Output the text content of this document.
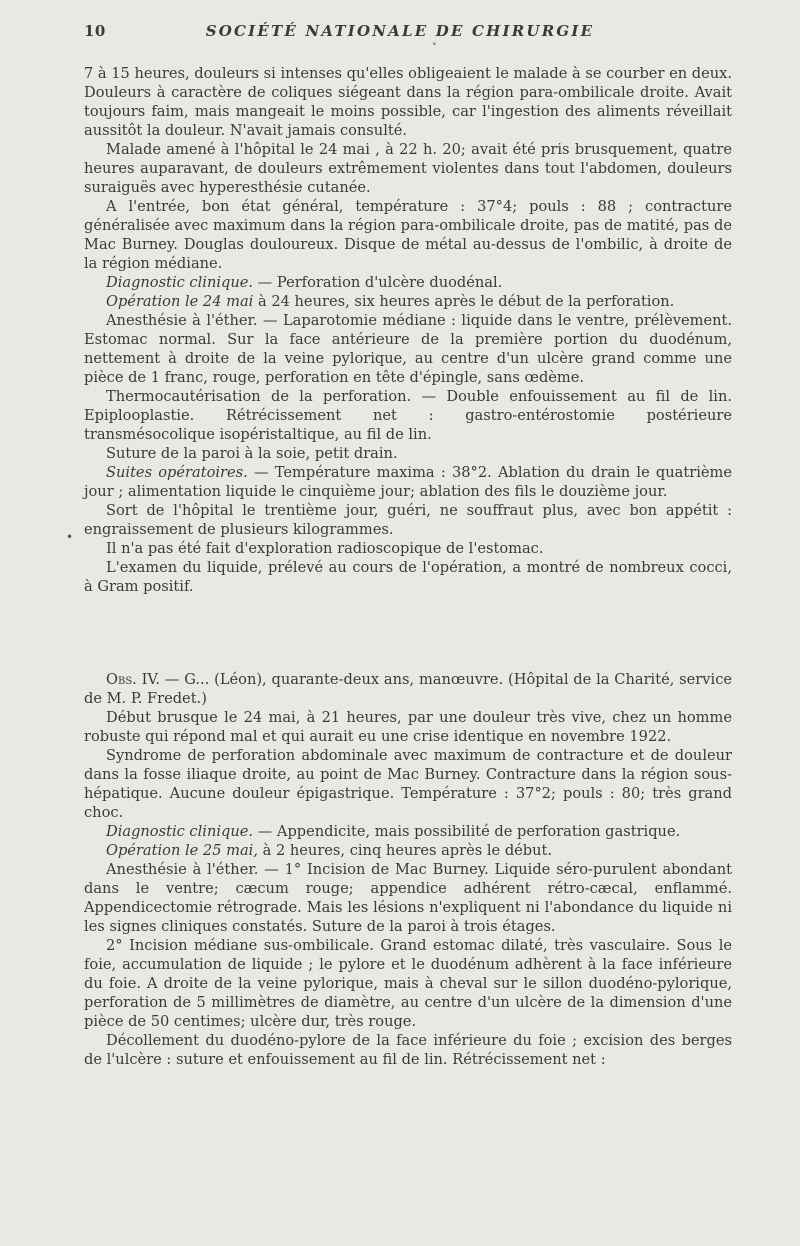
10	SOCIÉTÉ NATIONALE DE CHIRURGIE
•

7 à 15 heures, douleurs si intenses qu'elles obligeaient le malade à se courber en deux. Douleurs à caractère de coliques siégeant dans la région para-ombilicale droite. Avait toujours faim, mais mangeait le moins possible, car l'ingestion des aliments réveillait aussitôt la douleur. N'avait jamais consulté.

Malade amené à l'hôpital le 24 mai , à 22 h. 20; avait été pris brusquement, quatre heures auparavant, de douleurs extrêmement violentes dans tout l'abdomen, douleurs suraiguës avec hyperesthésie cutanée.

A l'entrée, bon état général, température : 37°4; pouls : 88 ; contracture généralisée avec maximum dans la région para-ombilicale droite, pas de matité, pas de Mac Burney. Douglas douloureux. Disque de métal au-dessus de l'ombilic, à droite de la région médiane.

Diagnostic clinique. — Perforation d'ulcère duodénal.

Opération le 24 mai à 24 heures, six heures après le début de la perforation.

Anesthésie à l'éther. — Laparotomie médiane : liquide dans le ventre, prélèvement. Estomac normal. Sur la face antérieure de la première portion du duodénum, nettement à droite de la veine pylorique, au centre d'un ulcère grand comme une pièce de 1 franc, rouge, perforation en tête d'épingle, sans œdème.

Thermocautérisation de la perforation. — Double enfouissement au fil de lin. Epiplooplastie. Rétrécissement net : gastro-entérostomie postérieure transmésocolique isopéristaltique, au fil de lin.

Suture de la paroi à la soie, petit drain.

Suites opératoires. — Température maxima : 38°2. Ablation du drain le quatrième jour ; alimentation liquide le cinquième jour; ablation des fils le douzième jour.

Sort de l'hôpital le trentième jour, guéri, ne souffraut plus, avec bon appétit : engraissement de plusieurs kilogrammes.

Il n'a pas été fait d'exploration radioscopique de l'estomac.

L'examen du liquide, prélevé au cours de l'opération, a montré de nombreux cocci, à Gram positif.

•

Obs. IV. — G... (Léon), quarante-deux ans, manœuvre. (Hôpital de la Charité, service de M. P. Fredet.)

Début brusque le 24 mai, à 21 heures, par une douleur très vive, chez un homme robuste qui répond mal et qui aurait eu une crise identique en novembre 1922.

Syndrome de perforation abdominale avec maximum de contracture et de douleur dans la fosse iliaque droite, au point de Mac Burney. Contracture dans la région sous-hépatique. Aucune douleur épigastrique. Température : 37°2; pouls : 80; très grand choc.

Diagnostic clinique. — Appendicite, mais possibilité de perforation gastrique.

Opération le 25 mai, à 2 heures, cinq heures après le début.

Anesthésie à l'éther. — 1° Incision de Mac Burney. Liquide séro-purulent abondant dans le ventre; cæcum rouge; appendice adhérent rétro-cæcal, enflammé. Appendicectomie rétrograde. Mais les lésions n'expliquent ni l'abondance du liquide ni les signes cliniques constatés. Suture de la paroi à trois étages.

2° Incision médiane sus-ombilicale. Grand estomac dilaté, très vasculaire. Sous le foie, accumulation de liquide ; le pylore et le duodénum adhèrent à la face inférieure du foie. A droite de la veine pylorique, mais à cheval sur le sillon duodéno-pylorique, perforation de 5 millimètres de diamètre, au centre d'un ulcère de la dimension d'une pièce de 50 centimes; ulcère dur, très rouge.

Décollement du duodéno-pylore de la face inférieure du foie ; excision des berges de l'ulcère : suture et enfouissement au fil de lin. Rétrécissement net :
